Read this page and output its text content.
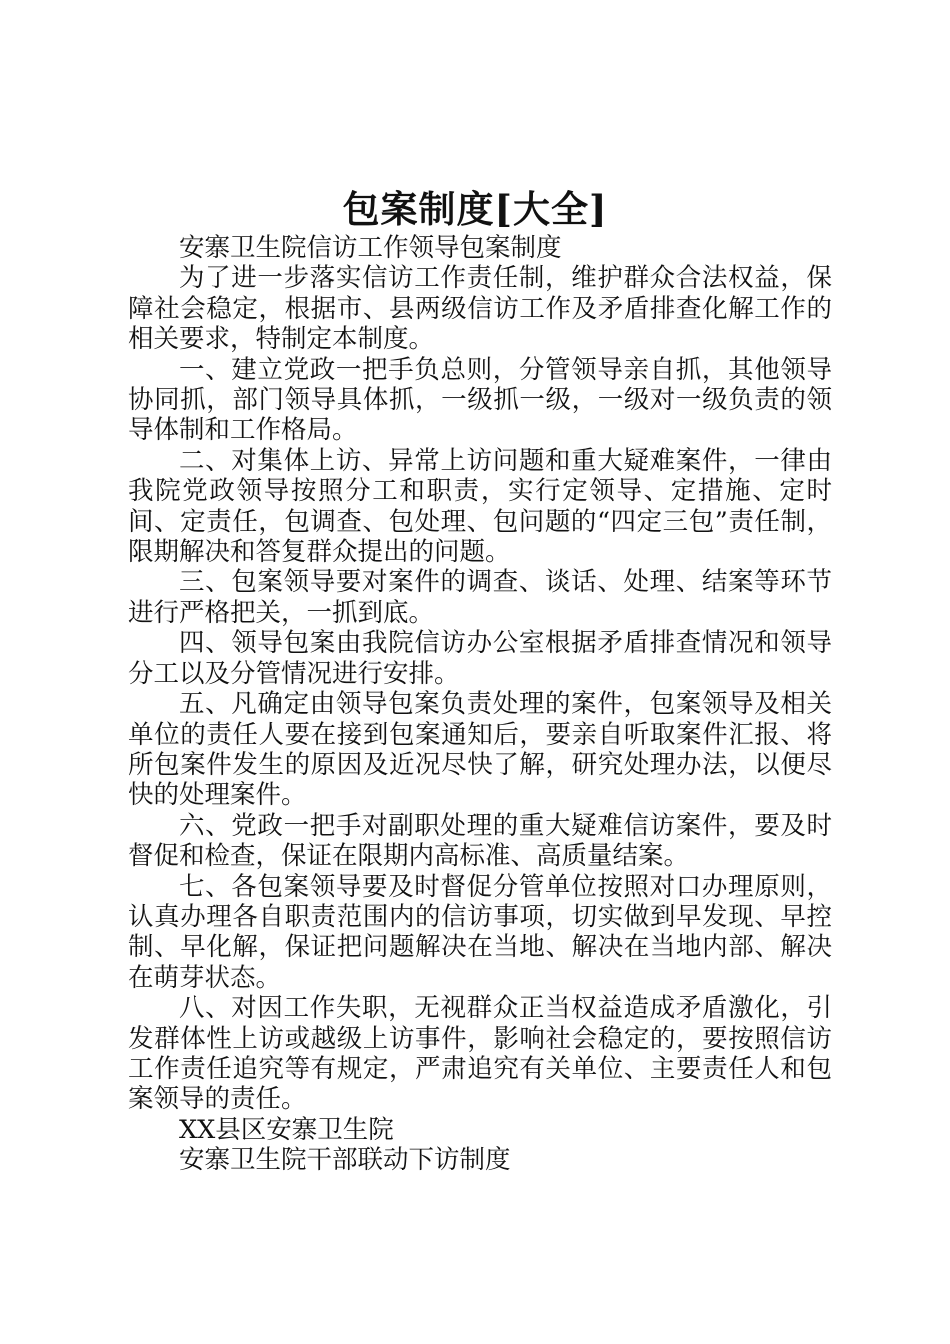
包案制度[大全]

安寨卫生院信访工作领导包案制度

为了进一步落实信访工作责任制，维护群众合法权益，保障社会稳定，根据市、县两级信访工作及矛盾排查化解工作的相关要求，特制定本制度。

一、建立党政一把手负总则，分管领导亲自抓，其他领导协同抓，部门领导具体抓，一级抓一级，一级对一级负责的领导体制和工作格局。

二、对集体上访、异常上访问题和重大疑难案件，一律由我院党政领导按照分工和职责，实行定领导、定措施、定时间、定责任，包调查、包处理、包问题的“四定三包”责任制，限期解决和答复群众提出的问题。

三、包案领导要对案件的调查、谈话、处理、结案等环节进行严格把关，一抓到底。

四、领导包案由我院信访办公室根据矛盾排查情况和领导分工以及分管情况进行安排。

五、凡确定由领导包案负责处理的案件，包案领导及相关单位的责任人要在接到包案通知后，要亲自听取案件汇报、将所包案件发生的原因及近况尽快了解，研究处理办法，以便尽快的处理案件。

六、党政一把手对副职处理的重大疑难信访案件，要及时督促和检查，保证在限期内高标准、高质量结案。

七、各包案领导要及时督促分管单位按照对口办理原则，认真办理各自职责范围内的信访事项，切实做到早发现、早控制、早化解，保证把问题解决在当地、解决在当地内部、解决在萌芽状态。

八、对因工作失职，无视群众正当权益造成矛盾激化，引发群体性上访或越级上访事件，影响社会稳定的，要按照信访工作责任追究等有规定，严肃追究有关单位、主要责任人和包案领导的责任。

XX县区安寨卫生院

安寨卫生院干部联动下访制度
